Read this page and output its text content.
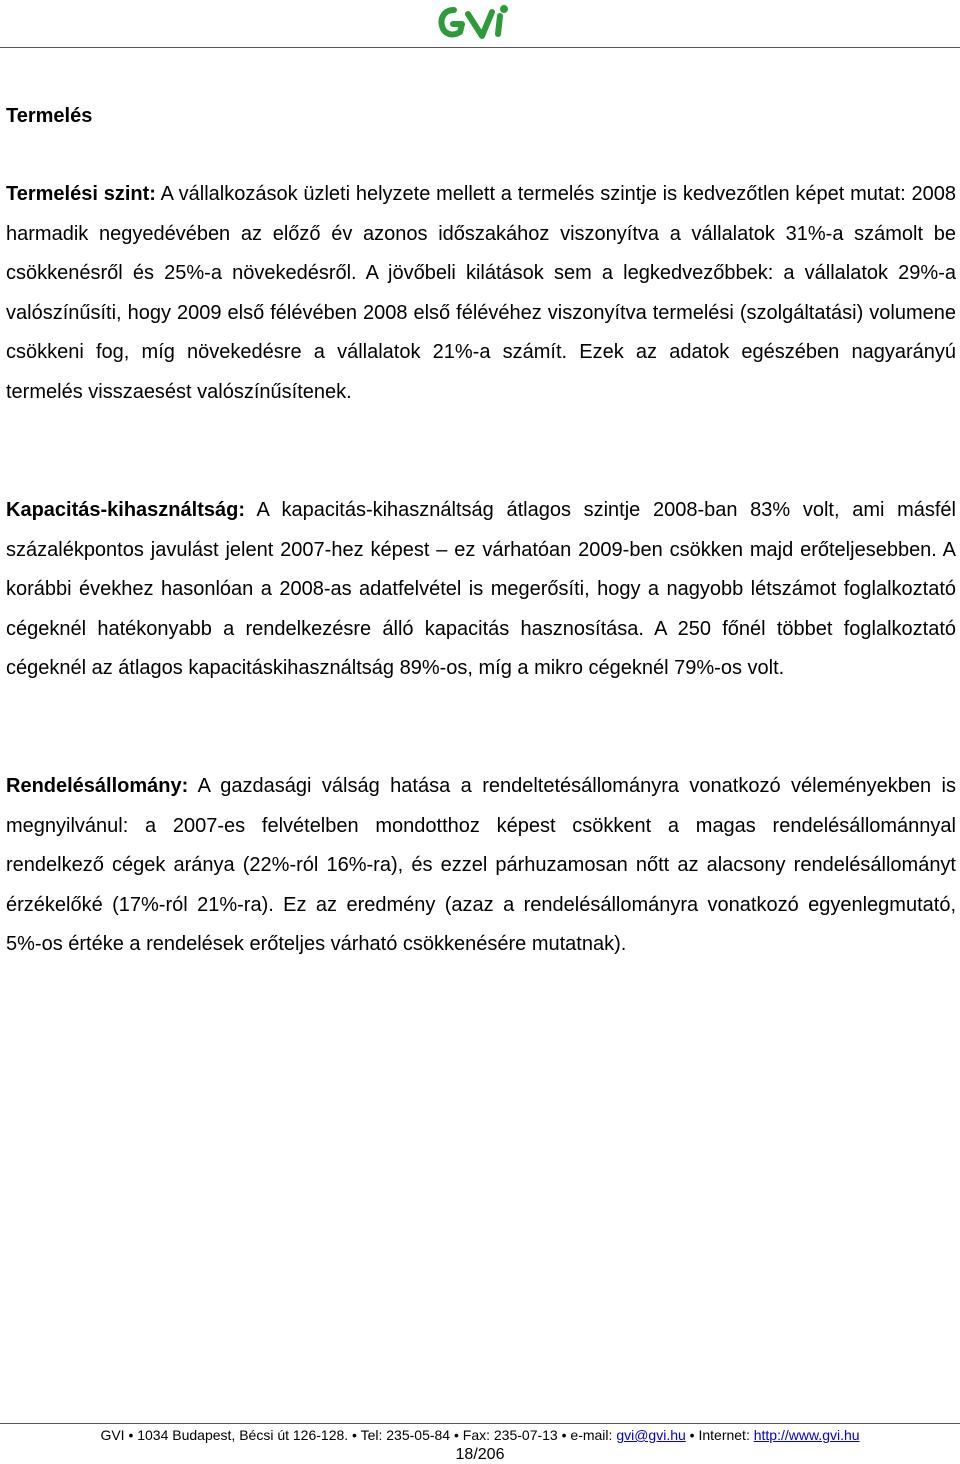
Termelés

Termelési szint: A vállalkozások üzleti helyzete mellett a termelés szintje is kedvezőtlen képet mutat: 2008 harmadik negyedévében az előző év azonos időszakához viszonyítva a vállalatok 31%-a számolt be csökkenésről és 25%-a növekedésről. A jövőbeli kilátások sem a legkedvezőbbek: a vállalatok 29%-a valószínűsíti, hogy 2009 első félévében 2008 első félévéhez viszonyítva termelési (szolgáltatási) volumene csökkeni fog, míg növekedésre a vállalatok 21%-a számít. Ezek az adatok egészében nagyarányú termelés visszaesést valószínűsítenek.

Kapacitás-kihasználtság: A kapacitás-kihasználtság átlagos szintje 2008-ban 83% volt, ami másfél százalékpontos javulást jelent 2007-hez képest – ez várhatóan 2009-ben csökken majd erőteljesebben. A korábbi évekhez hasonlóan a 2008-as adatfelvétel is megerősíti, hogy a nagyobb létszámot foglalkoztató cégeknél hatékonyabb a rendelkezésre álló kapacitás hasznosítása. A 250 főnél többet foglalkoztató cégeknél az átlagos kapacitáskihasználtság 89%-os, míg a mikro cégeknél 79%-os volt.

Rendelésállomány: A gazdasági válság hatása a rendeltetésállományra vonatkozó véleményekben is megnyilvánul: a 2007-es felvételben mondotthoz képest csökkent a magas rendelésállománnyal rendelkező cégek aránya (22%-ról 16%-ra), és ezzel párhuzamosan nőtt az alacsony rendelésállományt érzékelőké (17%-ról 21%-ra). Ez az eredmény (azaz a rendelésállományra vonatkozó egyenlegmutató, 5%-os értéke a rendelések erőteljes várható csökkenésére mutatnak).

GVI • 1034 Budapest, Bécsi út 126-128. • Tel: 235-05-84 • Fax: 235-07-13 • e-mail: gvi@gvi.hu • Internet: http://www.gvi.hu
18/206
